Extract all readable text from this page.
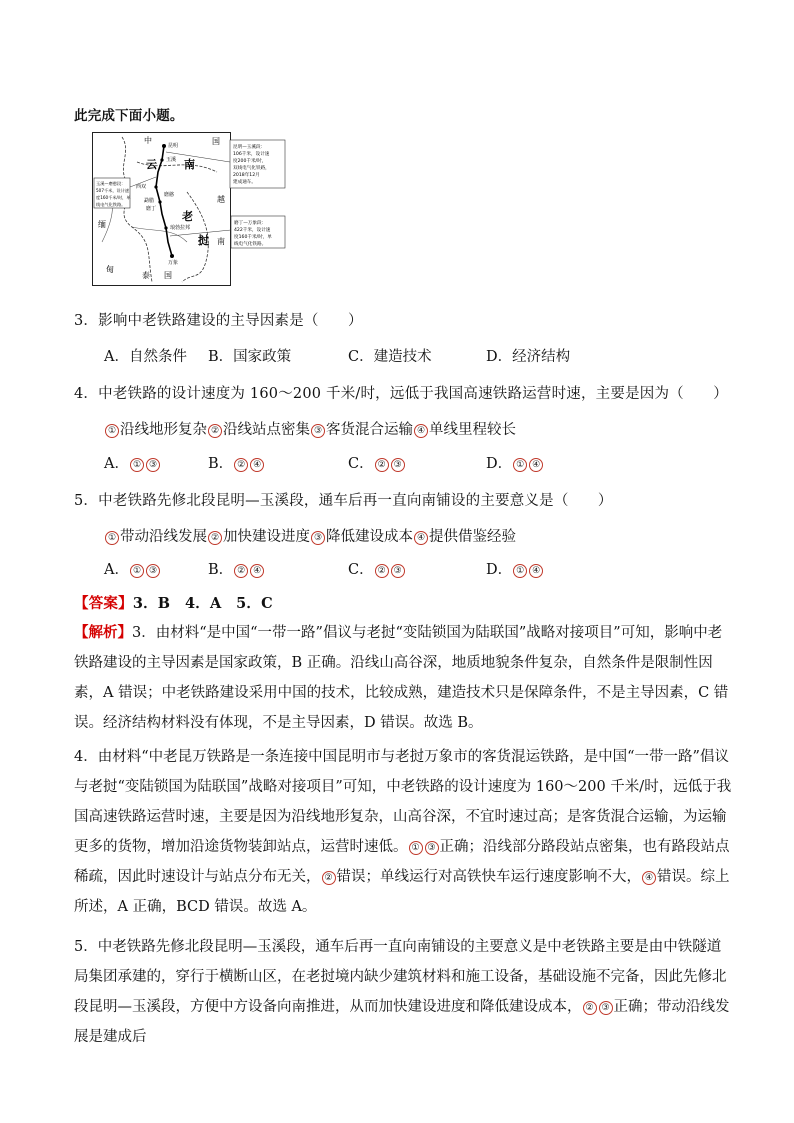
此完成下面小题。
中	国
云 南
越
老
挝 南
缅
甸
泰 国
昆明
玉溪
西双
磨憨
勐腊
磨丁
琅勃拉邦
万象
昆明—玉溪段：
106千米，设计速
度200千米/时，
双线电气化铁路，
2018年12月
建成通车。
玉溪—磨憨段：
507千米，设计速
度160千米/时，单
线电气化铁路。
磨丁—万象段：
422千米，设计速
度160千米/时，单
线电气化铁路。
3．影响中老铁路建设的主导因素是（　　）
A．自然条件 B．国家政策	C．建造技术	D．经济结构
4．中老铁路的设计速度为 160～200 千米/时，远低于我国高速铁路运营时速，主要是因为（　　）
① 沿线地形复杂 ② 沿线站点密集 ③ 客货混合运输 ④ 单线里程较长
A． ① ③	B． ② ④	C． ② ③	D． ① ④
5．中老铁路先修北段昆明—玉溪段，通车后再一直向南铺设的主要意义是（　　）
① 带动沿线发展 ② 加快建设进度 ③ 降低建设成本 ④ 提供借鉴经验
A． ① ③	B． ② ④	C． ② ③	D． ① ④
【答案】3．B　4．A　5．C
【解析】3．由材料“是中国“一带一路”倡议与老挝“变陆锁国为陆联国”战略对接项目”可知，影响中老铁路建设的主导因素是国家政策，B 正确。沿线山高谷深，地质地貌条件复杂，自然条件是限制性因素，A 错误；中老铁路建设采用中国的技术，比较成熟，建造技术只是保障条件，不是主导因素，C 错误。经济结构材料没有体现，不是主导因素，D 错误。故选 B。
4．由材料“中老昆万铁路是一条连接中国昆明市与老挝万象市的客货混运铁路，是中国“一带一路”倡议与老挝“变陆锁国为陆联国”战略对接项目”可知，中老铁路的设计速度为 160～200 千米/时，远低于我国高速铁路运营时速，主要是因为沿线地形复杂，山高谷深，不宜时速过高；是客货混合运输，为运输更多的货物，增加沿途货物装卸站点，运营时速低。 ① ③ 正确；沿线部分路段站点密集，也有路段站点稀疏，因此时速设计与站点分布无关， ② 错误；单线运行对高铁快车运行速度影响不大， ④ 错误。综上所述，A 正确，BCD 错误。故选 A。
5．中老铁路先修北段昆明—玉溪段，通车后再一直向南铺设的主要意义是中老铁路主要是由中铁隧道局集团承建的，穿行于横断山区，在老挝境内缺少建筑材料和施工设备，基础设施不完备，因此先修北段昆明—玉溪段，方便中方设备向南推进，从而加快建设进度和降低建设成本， ② ③ 正确；带动沿线发展是建成后
